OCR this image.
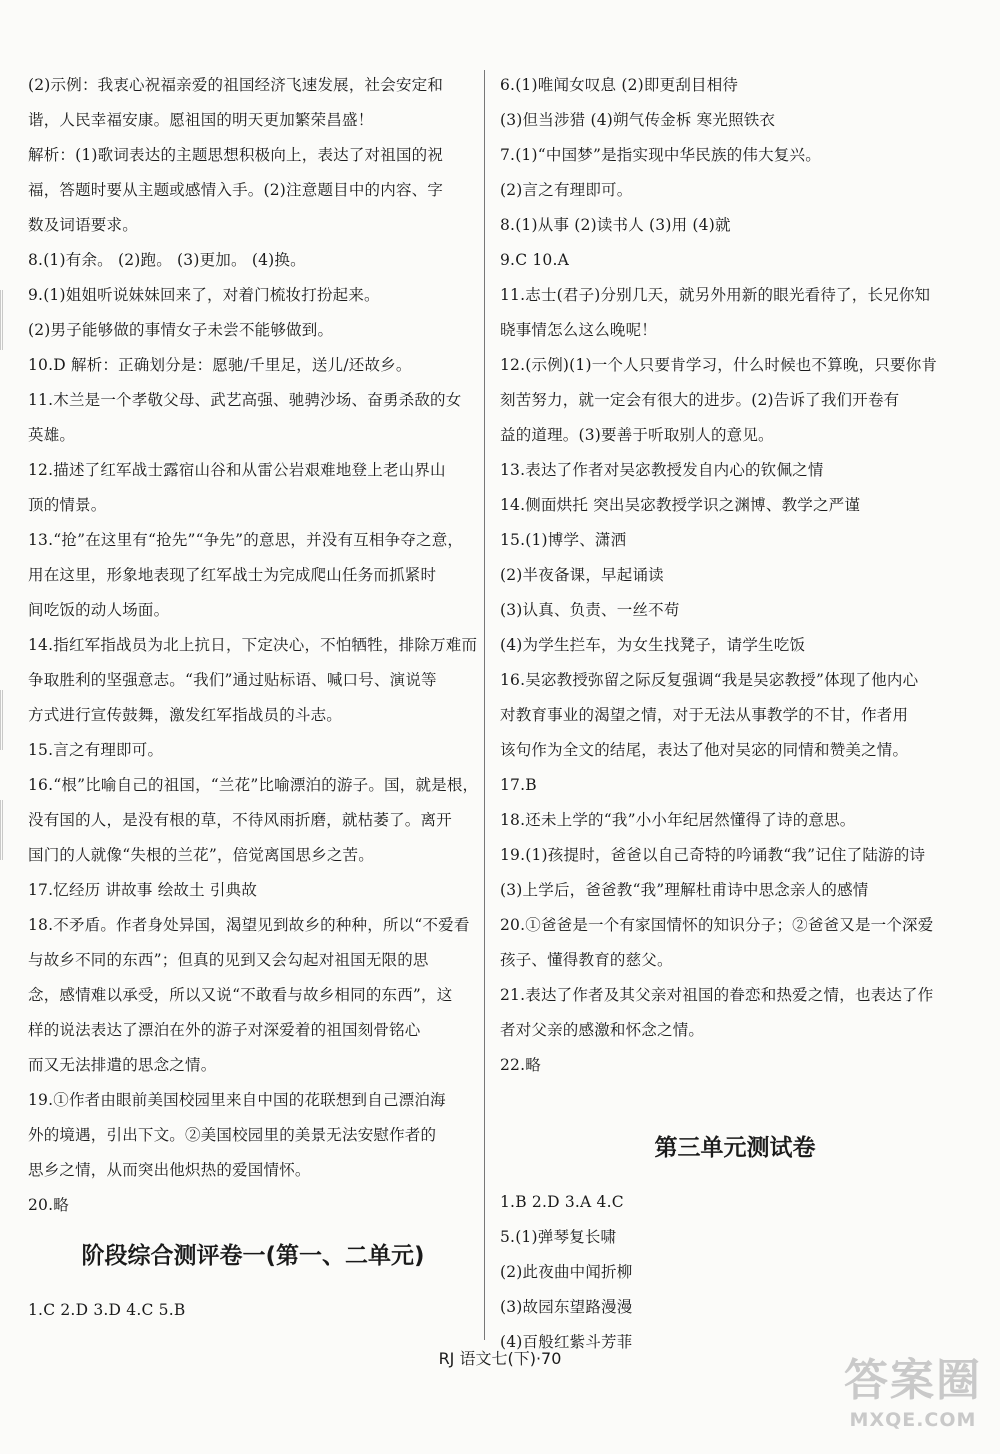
(2)示例：我衷心祝福亲爱的祖国经济飞速发展，社会安定和
谐，人民幸福安康。愿祖国的明天更加繁荣昌盛！
解析：(1)歌词表达的主题思想积极向上，表达了对祖国的祝
福，答题时要从主题或感情入手。(2)注意题目中的内容、字
数及词语要求。
8.(1)有余。 (2)跑。 (3)更加。 (4)换。
9.(1)姐姐听说妹妹回来了，对着门梳妆打扮起来。
(2)男子能够做的事情女子未尝不能够做到。
10.D 解析：正确划分是：愿驰/千里足，送儿/还故乡。
11.木兰是一个孝敬父母、武艺高强、驰骋沙场、奋勇杀敌的女
英雄。
12.描述了红军战士露宿山谷和从雷公岩艰难地登上老山界山
顶的情景。
13.“抢”在这里有“抢先”“争先”的意思，并没有互相争夺之意，
用在这里，形象地表现了红军战士为完成爬山任务而抓紧时
间吃饭的动人场面。
14.指红军指战员为北上抗日，下定决心，不怕牺牲，排除万难而
争取胜利的坚强意志。“我们”通过贴标语、喊口号、演说等
方式进行宣传鼓舞，激发红军指战员的斗志。
15.言之有理即可。
16.“根”比喻自己的祖国，“兰花”比喻漂泊的游子。国，就是根，
没有国的人，是没有根的草，不待风雨折磨，就枯萎了。离开
国门的人就像“失根的兰花”，倍觉离国思乡之苦。
17.忆经历 讲故事 绘故土 引典故
18.不矛盾。作者身处异国，渴望见到故乡的种种，所以“不爱看
与故乡不同的东西”；但真的见到又会勾起对祖国无限的思
念，感情难以承受，所以又说“不敢看与故乡相同的东西”，这
样的说法表达了漂泊在外的游子对深爱着的祖国刻骨铭心
而又无法排遣的思念之情。
19.①作者由眼前美国校园里来自中国的花联想到自己漂泊海
外的境遇，引出下文。②美国校园里的美景无法安慰作者的
思乡之情，从而突出他炽热的爱国情怀。
20.略
阶段综合测评卷一(第一、二单元)
1.C 2.D 3.D 4.C 5.B
6.(1)唯闻女叹息 (2)即更刮目相待
(3)但当涉猎 (4)朔气传金柝 寒光照铁衣
7.(1)“中国梦”是指实现中华民族的伟大复兴。
(2)言之有理即可。
8.(1)从事 (2)读书人 (3)用 (4)就
9.C 10.A
11.志士(君子)分别几天，就另外用新的眼光看待了，长兄你知
晓事情怎么这么晚呢！
12.(示例)(1)一个人只要肯学习，什么时候也不算晚，只要你肯
刻苦努力，就一定会有很大的进步。(2)告诉了我们开卷有
益的道理。(3)要善于听取别人的意见。
13.表达了作者对吴宓教授发自内心的钦佩之情
14.侧面烘托 突出吴宓教授学识之渊博、教学之严谨
15.(1)博学、潇洒
(2)半夜备课，早起诵读
(3)认真、负责、一丝不苟
(4)为学生拦车，为女生找凳子，请学生吃饭
16.吴宓教授弥留之际反复强调“我是吴宓教授”体现了他内心
对教育事业的渴望之情，对于无法从事教学的不甘，作者用
该句作为全文的结尾，表达了他对吴宓的同情和赞美之情。
17.B
18.还未上学的“我”小小年纪居然懂得了诗的意思。
19.(1)孩提时，爸爸以自己奇特的吟诵教“我”记住了陆游的诗
(3)上学后，爸爸教“我”理解杜甫诗中思念亲人的感情
20.①爸爸是一个有家国情怀的知识分子；②爸爸又是一个深爱
孩子、懂得教育的慈父。
21.表达了作者及其父亲对祖国的眷恋和热爱之情，也表达了作
者对父亲的感激和怀念之情。
22.略
第三单元测试卷
1.B 2.D 3.A 4.C
5.(1)弹琴复长啸
(2)此夜曲中闻折柳
(3)故园东望路漫漫
(4)百般红紫斗芳菲
RJ 语文七(下)·70	答案圈
MXQE.COM
